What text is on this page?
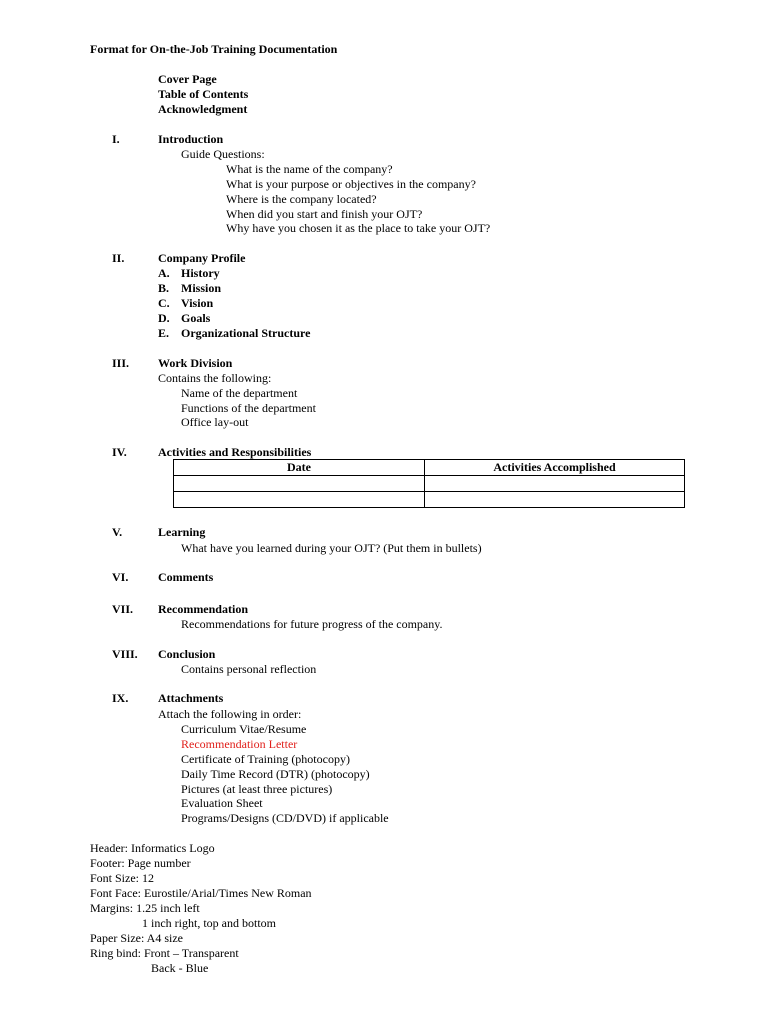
Format for On-the-Job Training Documentation
Cover Page
Table of Contents
Acknowledgment
I.	Introduction
Guide Questions:
What is the name of the company?
What is your purpose or objectives in the company?
Where is the company located?
When did you start and finish your OJT?
Why have you chosen it as the place to take your OJT?
II.	Company Profile
A. History
B. Mission
C. Vision
D. Goals
E. Organizational Structure
III. Work Division
Contains the following:
Name of the department
Functions of the department
Office lay-out
IV.	Activities and Responsibilities
Date	Activities Accomplished

V.	Learning
What have you learned during your OJT? (Put them in bullets)
VI. Comments
VII. Recommendation
Recommendations for future progress of the company.
VIII. Conclusion
Contains personal reflection
IX. Attachments
Attach the following in order:
Curriculum Vitae/Resume
Recommendation Letter
Certificate of Training (photocopy)
Daily Time Record (DTR) (photocopy)
Pictures (at least three pictures)
Evaluation Sheet
Programs/Designs (CD/DVD) if applicable
Header: Informatics Logo
Footer: Page number
Font Size: 12
Font Face: Eurostile/Arial/Times New Roman
Margins: 1.25 inch left
1 inch right, top and bottom
Paper Size: A4 size
Ring bind: Front – Transparent
Back - Blue
